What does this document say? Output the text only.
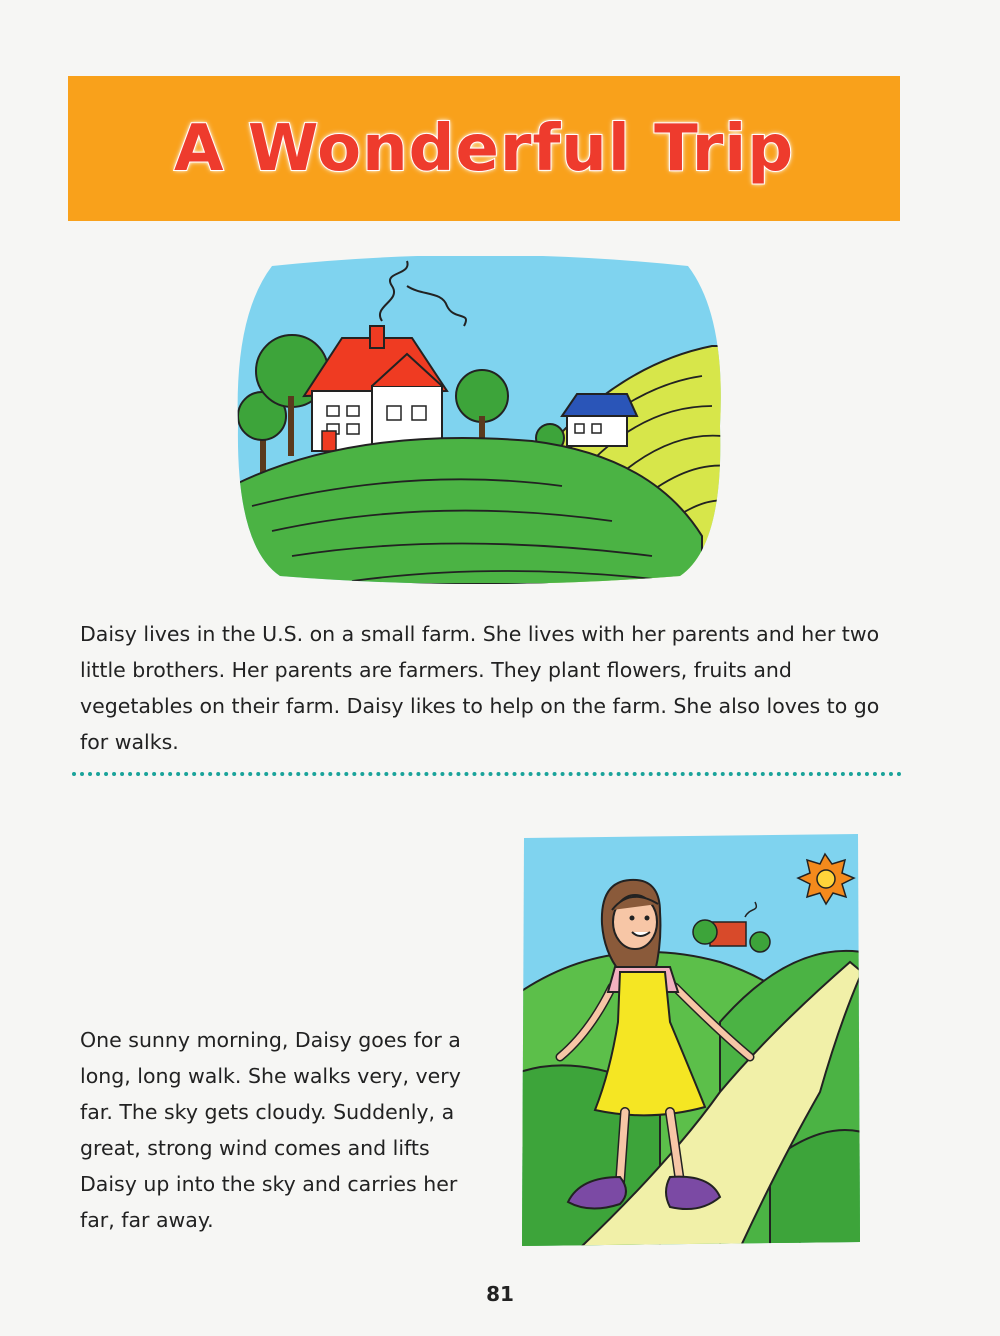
A Wonderful Trip

Daisy lives in the U.S. on a small farm. She lives with her parents and her two little brothers. Her parents are farmers. They plant flowers, fruits and vegetables on their farm. Daisy likes to help on the farm. She also loves to go for walks.

One sunny morning, Daisy goes for a long, long walk. She walks very, very far. The sky gets cloudy. Suddenly, a great, strong wind comes and lifts Daisy up into the sky and carries her far, far away.

81
